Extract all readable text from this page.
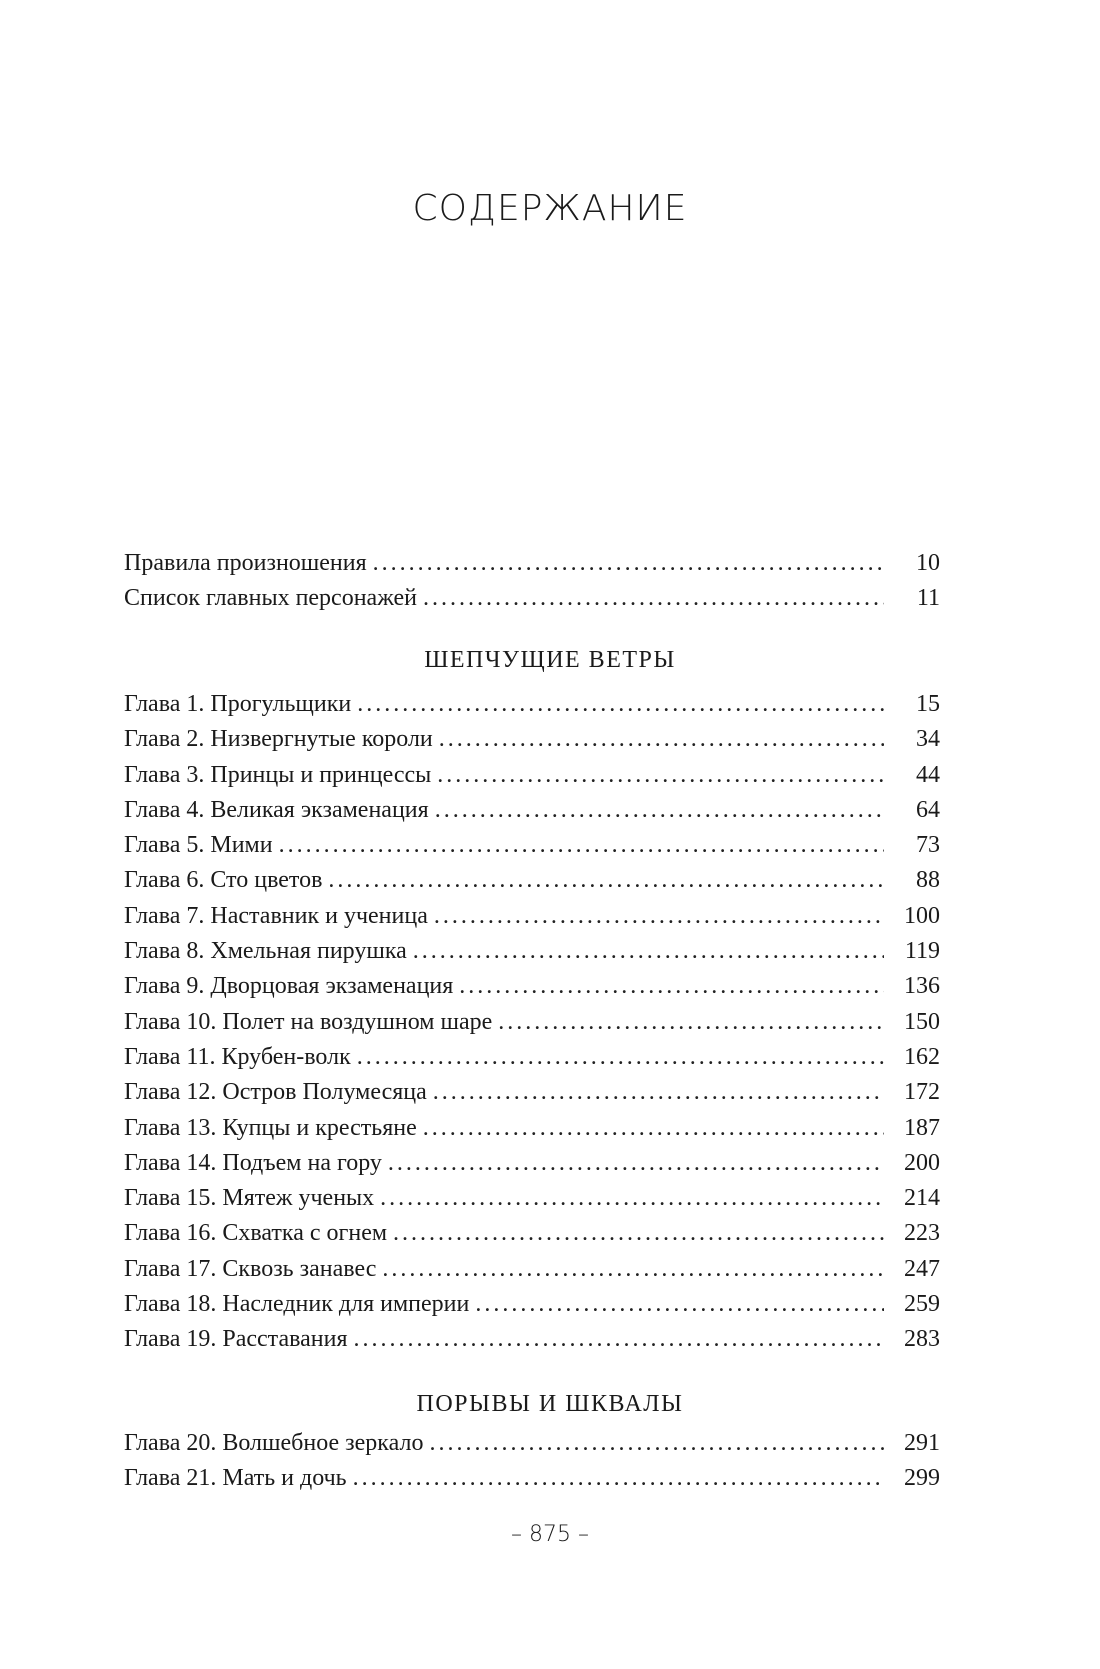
СОДЕРЖАНИЕ
Правила произношения . . .	10
Список главных персонажей . . .	11
ШЕПЧУЩИЕ ВЕТРЫ
Глава 1. Прогульщики . . .	15
Глава 2. Низвергнутые короли . . .	34
Глава 3. Принцы и принцессы . . .	44
Глава 4. Великая экзаменация . . .	64
Глава 5. Мими . . .	73
Глава 6. Сто цветов . . .	88
Глава 7. Наставник и ученица . . .	100
Глава 8. Хмельная пирушка . . .	119
Глава 9. Дворцовая экзаменация . . .	136
Глава 10. Полет на воздушном шаре . . .	150
Глава 11. Крубен-волк . . .	162
Глава 12. Остров Полумесяца . . .	172
Глава 13. Купцы и крестьяне . . .	187
Глава 14. Подъем на гору . . .	200
Глава 15. Мятеж ученых . . .	214
Глава 16. Схватка с огнем . . .	223
Глава 17. Сквозь занавес . . .	247
Глава 18. Наследник для империи . . .	259
Глава 19. Расставания . . .	283
ПОРЫВЫ И ШКВАЛЫ
Глава 20. Волшебное зеркало . . .	291
Глава 21. Мать и дочь . . .	299
– 875 –
